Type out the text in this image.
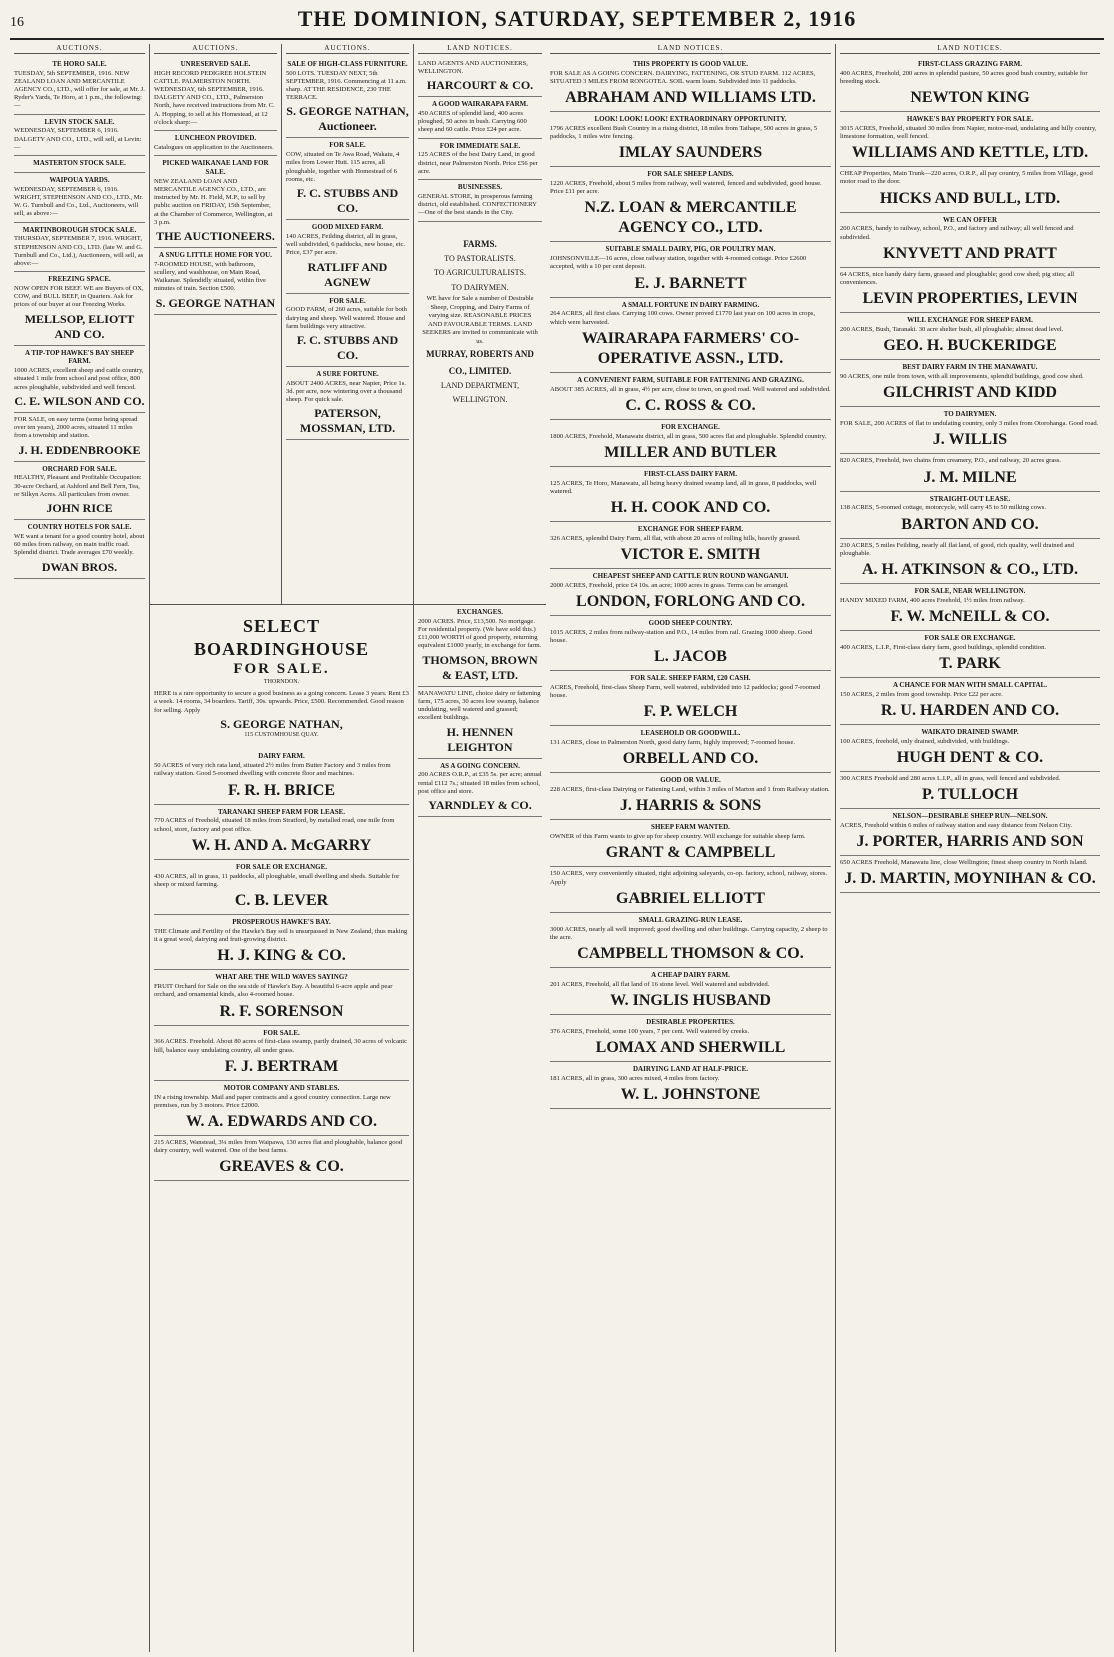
16	THE DOMINION, SATURDAY, SEPTEMBER 2, 1916
AUCTIONS.
TE HORO SALE.
TUESDAY, 5th SEPTEMBER, 1916. NEW ZEALAND LOAN AND MERCANTILE AGENCY CO., LTD., will offer for sale, at Mr. J. Ryder's Yards, Te Horo, at 1 p.m., the following:—
LEVIN STOCK SALE.
WEDNESDAY, SEPTEMBER 6, 1916. DALGETY AND CO., LTD., will sell, at Levin:—
MASTERTON STOCK SALE.
WAIPOUA YARDS.
WEDNESDAY, SEPTEMBER 6, 1916. WRIGHT, STEPHENSON AND CO., LTD., Mr. W. G. Turnbull and Co., Ltd., Auctioneers, will sell, as above:—
MARTINBOROUGH STOCK SALE.
THURSDAY, SEPTEMBER 7, 1916. WRIGHT, STEPHENSON AND CO., LTD. (late W. and G. Turnbull and Co., Ltd.), Auctioneers, will sell, as above:—
FREEZING SPACE.
NOW OPEN FOR BEEF. WE are Buyers of OX, COW, and BULL BEEF, in Quarters. Ask for prices of our buyer at our Freezing Works.
MELLSOP, ELIOTT AND CO.
A TIP-TOP HAWKE'S BAY SHEEP FARM.
1000 ACRES, excellent sheep and cattle country, situated 1 mile from school and post office, 800 acres ploughable, subdivided and well fenced.
C. E. WILSON AND CO.
FOR SALE, on easy terms (some being spread over ten years), 2000 acres, situated 11 miles from a township and station.
J. H. EDDENBROOKE
ORCHARD FOR SALE.
HEALTHY, Pleasant and Profitable Occupation: 30-acre Orchard, at Ashford and Bell Fern, Tea, or Silkyn Acres. All particulars from owner.
JOHN RICE
COUNTRY HOTELS FOR SALE.
WE want a tenant for a good country hotel, about 60 miles from railway, on main traffic road. Splendid district. Trade averages £70 weekly.
DWAN BROS.
AUCTIONS.
UNRESERVED SALE.
HIGH RECORD PEDIGREE HOLSTEIN CATTLE. PALMERSTON NORTH. WEDNESDAY, 6th SEPTEMBER, 1916. DALGETY AND CO., LTD., Palmerston North, have received instructions from Mr. C. A. Hopping, to sell at his Homestead, at 12 o'clock sharp:—
LUNCHEON PROVIDED.
Catalogues on application to the Auctioneers.
PICKED WAIKANAE LAND FOR SALE.
NEW ZEALAND LOAN AND MERCANTILE AGENCY CO., LTD., are instructed by Mr. H. Field, M.P., to sell by public auction on FRIDAY, 15th September, at the Chamber of Commerce, Wellington, at 3 p.m.
THE AUCTIONEERS.
A SNUG LITTLE HOME FOR YOU.
7-ROOMED HOUSE, with bathroom, scullery, and washhouse, on Main Road, Waikanae. Splendidly situated, within five minutes of train. Section £500.
S. GEORGE NATHAN
AUCTIONS.
SALE OF HIGH-CLASS FURNITURE.
500 LOTS. TUESDAY NEXT, 5th SEPTEMBER, 1916. Commencing at 11 a.m. sharp. AT THE RESIDENCE, 230 THE TERRACE.
S. GEORGE NATHAN, Auctioneer.
FOR SALE.
COW, situated on Te Awa Road, Wakatu, 4 miles from Lower Hutt. 115 acres, all ploughable, together with Homestead of 6 rooms, etc.
F. C. STUBBS AND CO.
GOOD MIXED FARM.
140 ACRES, Feilding district, all in grass, well subdivided, 6 paddocks, new house, etc. Price, £37 per acre.
RATLIFF AND AGNEW
FOR SALE.
GOOD FARM, of 260 acres, suitable for both dairying and sheep. Well watered. House and farm buildings very attractive.
F. C. STUBBS AND CO.
A SURE FORTUNE.
ABOUT 2400 ACRES, near Napier, Price 1s. 3d. per acre, now wintering over a thousand sheep. For quick sale.
PATERSON, MOSSMAN, LTD.
LAND NOTICES.
LAND AGENTS AND AUCTIONEERS, WELLINGTON.
HARCOURT & CO.
A GOOD WAIRARAPA FARM.
450 ACRES of splendid land, 400 acres ploughed, 50 acres in bush. Carrying 600 sheep and 60 cattle. Price £24 per acre.
FOR IMMEDIATE SALE.
125 ACRES of the best Dairy Land, in good district, near Palmerston North. Price £56 per acre.
BUSINESSES.
GENERAL STORE, in prosperous farming district, old established. CONFECTIONERY—One of the best stands in the City.
FARMS.
TO PASTORALISTS.
TO AGRICULTURALISTS.
TO DAIRYMEN.
WE have for Sale a number of Desirable Sheep, Cropping, and Dairy Farms of varying size. REASONABLE PRICES AND FAVOURABLE TERMS. LAND SEEKERS are invited to communicate with us.
MURRAY, ROBERTS AND CO., LIMITED.
LAND DEPARTMENT, WELLINGTON.
SELECT BOARDINGHOUSE
FOR SALE.
THORNDON.
HERE is a rare opportunity to secure a good business as a going concern. Lease 3 years. Rent £3 a week. 14 rooms, 34 boarders. Tariff, 30s. upwards. Price, £500. Recommended. Good reason for selling. Apply
S. GEORGE NATHAN,
115 CUSTOMHOUSE QUAY.
DAIRY FARM.
50 ACRES of very rich rata land, situated 2½ miles from Butter Factory and 3 miles from railway station. Good 5-roomed dwelling with concrete floor and machines.
F. R. H. BRICE
TARANAKI SHEEP FARM FOR LEASE.
770 ACRES of Freehold, situated 18 miles from Stratford, by metalled road, one mile from school, store, factory and post office.
W. H. AND A. McGARRY
FOR SALE OR EXCHANGE.
430 ACRES, all in grass, 11 paddocks, all ploughable, small dwelling and sheds. Suitable for sheep or mixed farming.
C. B. LEVER
PROSPEROUS HAWKE'S BAY.
THE Climate and Fertility of the Hawke's Bay soil is unsurpassed in New Zealand, thus making it a great wool, dairying and fruit-growing district.
H. J. KING & CO.
WHAT ARE THE WILD WAVES SAYING?
FRUIT Orchard for Sale on the sea side of Hawke's Bay. A beautiful 6-acre apple and pear orchard, and ornamental kinds, also 4-roomed house.
R. F. SORENSON
FOR SALE.
366 ACRES. Freehold. About 80 acres of first-class swamp, partly drained, 30 acres of volcanic hill, balance easy undulating country, all under grass.
F. J. BERTRAM
MOTOR COMPANY AND STABLES.
IN a rising township. Mail and paper contracts and a good country connection. Large new premises, run by 3 motors. Price £2000.
W. A. EDWARDS AND CO.
215 ACRES, Wanstead, 3¼ miles from Waipawa, 130 acres flat and ploughable, balance good dairy country, well watered. One of the best farms.
GREAVES & CO.
EXCHANGES.
2000 ACRES. Price, £13,500. No mortgage. For residential property. (We have sold this.) £11,000 WORTH of good property, returning equivalent £1000 yearly, in exchange for farm.
THOMSON, BROWN & EAST, LTD.
MANAWATU LINE, choice dairy or fattening farm, 175 acres, 30 acres low swamp, balance undulating, well watered and grassed; excellent buildings.
H. HENNEN LEIGHTON
AS A GOING CONCERN.
200 ACRES O.R.P., at £35 5s. per acre; annual rental £112 7s.; situated 18 miles from school, post office and store.
YARNDLEY & CO.
LAND NOTICES.
THIS PROPERTY IS GOOD VALUE.
FOR SALE AS A GOING CONCERN. DAIRYING, FATTENING, OR STUD FARM. 112 ACRES, SITUATED 3 MILES FROM RONGOTEA. SOIL warm loam. Subdivided into 11 paddocks.
ABRAHAM AND WILLIAMS LTD.
LOOK! LOOK! LOOK! EXTRAORDINARY OPPORTUNITY.
1796 ACRES excellent Bush Country in a rising district, 18 miles from Taihape, 500 acres in grass, 5 paddocks, 1 miles wire fencing.
IMLAY SAUNDERS
FOR SALE SHEEP LANDS.
1220 ACRES, Freehold, about 5 miles from railway, well watered, fenced and subdivided, good house. Price £11 per acre.
N.Z. LOAN & MERCANTILE AGENCY CO., LTD.
SUITABLE SMALL DAIRY, PIG, OR POULTRY MAN.
JOHNSONVILLE—16 acres, close railway station, together with 4-roomed cottage. Price £2600 accepted, with a 10 per cent deposit.
E. J. BARNETT
A SMALL FORTUNE IN DAIRY FARMING.
264 ACRES, all first class. Carrying 100 cows. Owner proved £1770 last year on 100 acres in crops, which were harvested.
WAIRARAPA FARMERS' CO-OPERATIVE ASSN., LTD.
A CONVENIENT FARM, SUITABLE FOR FATTENING AND GRAZING.
ABOUT 385 ACRES, all in grass, 4½ per acre, close to town, on good road. Well watered and subdivided.
C. C. ROSS & CO.
FOR EXCHANGE.
1800 ACRES, Freehold, Manawatu district, all in grass, 500 acres flat and ploughable. Splendid country.
MILLER AND BUTLER
FIRST-CLASS DAIRY FARM.
125 ACRES, Te Horo, Manawatu, all being heavy drained swamp land, all in grass, 8 paddocks, well watered.
H. H. COOK AND CO.
EXCHANGE FOR SHEEP FARM.
326 ACRES, splendid Dairy Farm, all flat, with about 20 acres of rolling hills, heavily grassed.
VICTOR E. SMITH
CHEAPEST SHEEP AND CATTLE RUN ROUND WANGANUI.
2000 ACRES, Freehold, price £4 10s. an acre; 1000 acres in grass. Terms can be arranged.
LONDON, FORLONG AND CO.
GOOD SHEEP COUNTRY.
1015 ACRES, 2 miles from railway-station and P.O., 14 miles from rail. Grazing 1000 sheep. Good house.
L. JACOB
FOR SALE. SHEEP FARM, £20 CASH.
ACRES, Freehold, first-class Sheep Farm, well watered, subdivided into 12 paddocks; good 7-roomed house.
F. P. WELCH
LEASEHOLD OR GOODWILL.
131 ACRES, close to Palmerston North, good dairy farm, highly improved; 7-roomed house.
ORBELL AND CO.
GOOD OR VALUE.
228 ACRES, first-class Dairying or Fattening Land, within 3 miles of Marton and 1 from Railway station.
J. HARRIS & SONS
SHEEP FARM WANTED.
OWNER of this Farm wants to give up for sheep country. Will exchange for suitable sheep farm.
GRANT & CAMPBELL
150 ACRES, very conveniently situated, right adjoining saleyards, co-op. factory, school, railway, stores. Apply
GABRIEL ELLIOTT
SMALL GRAZING-RUN LEASE.
3000 ACRES, nearly all well improved; good dwelling and other buildings. Carrying capacity, 2 sheep to the acre.
CAMPBELL THOMSON & CO.
A CHEAP DAIRY FARM.
201 ACRES, Freehold, all flat land of 16 stone level. Well watered and subdivided.
W. INGLIS HUSBAND
DESIRABLE PROPERTIES.
376 ACRES, Freehold, some 100 years, 7 per cent. Well watered by creeks.
LOMAX AND SHERWILL
DAIRYING LAND AT HALF-PRICE.
181 ACRES, all in grass, 300 acres mixed, 4 miles from factory.
W. L. JOHNSTONE
LAND NOTICES.
FIRST-CLASS GRAZING FARM.
400 ACRES, Freehold, 200 acres in splendid pasture, 50 acres good bush country, suitable for breeding stock.
NEWTON KING
HAWKE'S BAY PROPERTY FOR SALE.
3015 ACRES, Freehold, situated 30 miles from Napier, motor-road, undulating and hilly country, limestone formation, well fenced.
WILLIAMS AND KETTLE, LTD.
CHEAP Properties, Main Trunk—220 acres, O.R.P., all pay country, 5 miles from Village, good motor road to the door.
HICKS AND BULL, LTD.
WE CAN OFFER
200 ACRES, handy to railway, school, P.O., and factory and railway; all well fenced and subdivided.
KNYVETT AND PRATT
64 ACRES, nice handy dairy farm, grassed and ploughable; good cow shed; pig sties; all conveniences.
LEVIN PROPERTIES, LEVIN
WILL EXCHANGE FOR SHEEP FARM.
200 ACRES, Bush, Taranaki. 30 acre shelter bush, all ploughable; almost dead level.
GEO. H. BUCKERIDGE
BEST DAIRY FARM IN THE MANAWATU.
90 ACRES, one mile from town, with all improvements, splendid buildings, good cow shed.
GILCHRIST AND KIDD
TO DAIRYMEN.
FOR SALE, 200 ACRES of flat to undulating country, only 3 miles from Otorohanga. Good road.
J. WILLIS
820 ACRES, Freehold, two chains from creamery, P.O., and railway, 20 acres grass.
J. M. MILNE
STRAIGHT-OUT LEASE.
138 ACRES, 5-roomed cottage, motorcycle, will carry 45 to 50 milking cows.
BARTON AND CO.
230 ACRES, 5 miles Feilding, nearly all flat land, of good, rich quality, well drained and ploughable.
A. H. ATKINSON & CO., LTD.
FOR SALE, NEAR WELLINGTON.
HANDY MIXED FARM, 400 acres Freehold, 1½ miles from railway.
F. W. McNEILL & CO.
FOR SALE OR EXCHANGE.
400 ACRES, L.I.P., First-class dairy farm, good buildings, splendid condition.
T. PARK
A CHANCE FOR MAN WITH SMALL CAPITAL.
150 ACRES, 2 miles from good township. Price £22 per acre.
R. U. HARDEN AND CO.
WAIKATO DRAINED SWAMP.
100 ACRES, freehold, only drained, subdivided, with buildings.
HUGH DENT & CO.
300 ACRES Freehold and 280 acres L.I.P., all in grass, well fenced and subdivided.
P. TULLOCH
NELSON—DESIRABLE SHEEP RUN—NELSON.
ACRES, Freehold within 6 miles of railway station and easy distance from Nelson City.
J. PORTER, HARRIS AND SON
650 ACRES Freehold, Manawatu line, close Wellington; finest sheep country in North Island.
J. D. MARTIN, MOYNIHAN & CO.
